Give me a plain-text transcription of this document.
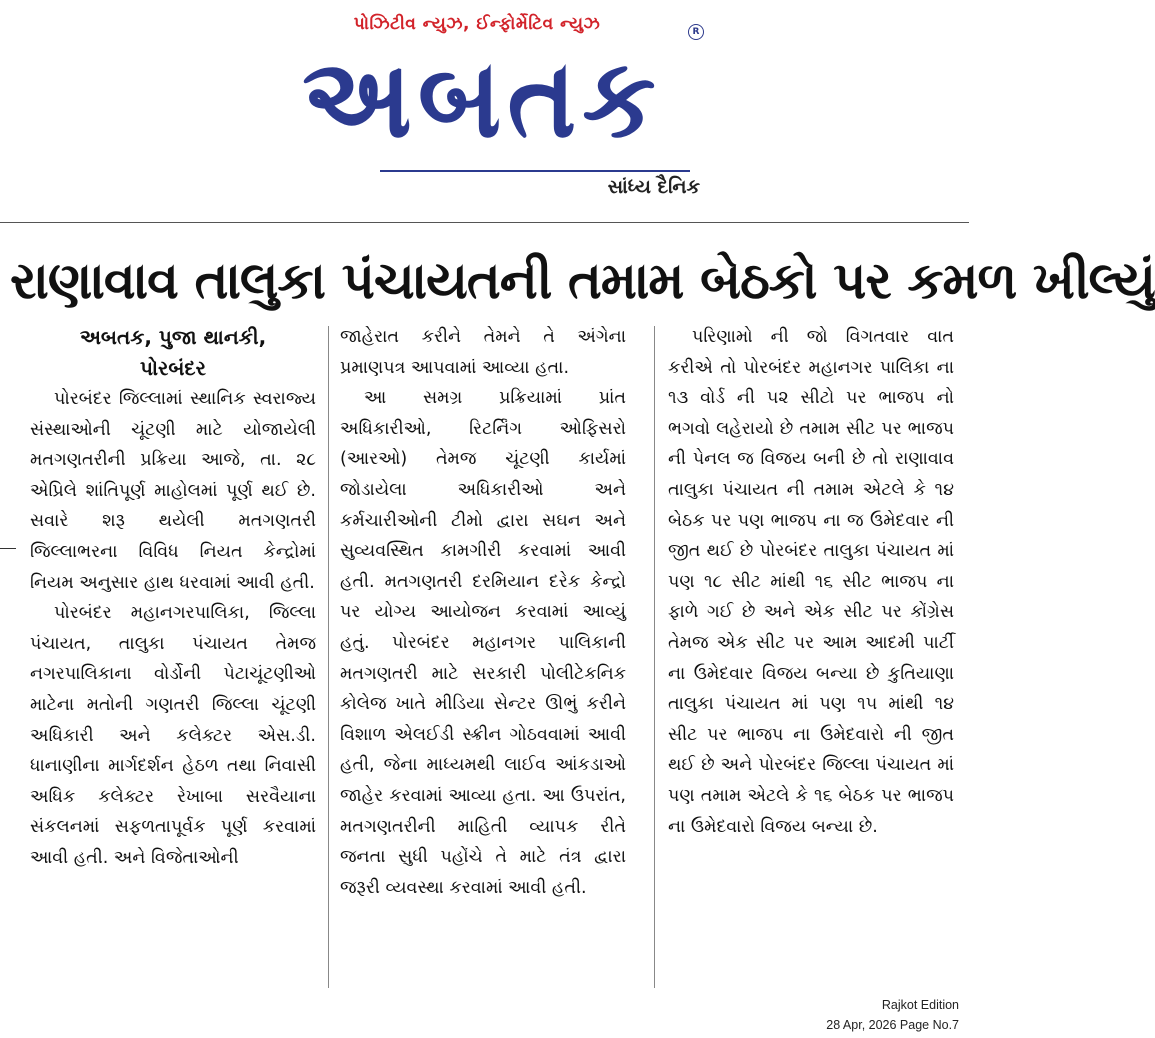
પોઝિટીવ ન્યુઝ, ઈન્ફોર્મેટિવ ન્યુઝ	R
અબતક
સાંધ્ય દૈનિક
રાણાવાવ તાલુકા પંચાયતની તમામ બેઠકો પર કમળ ખીલ્યું
અબતક, પુજા થાનકી,
પોરબંદર

પોરબંદર જિલ્લામાં સ્થાનિક સ્વરાજ્ય સંસ્થાઓની ચૂંટણી માટે યોજાયેલી મતગણતરીની પ્રક્રિયા આજે, તા. ૨૮ એપ્રિલે શાંતિપૂર્ણ માહોલમાં પૂર્ણ થઈ છે. સવારે શરૂ થયેલી મતગણતરી જિલ્લાભરના વિવિધ નિયત કેન્દ્રોમાં નિયમ અનુસાર હાથ ધરવામાં આવી હતી.

પોરબંદર મહાનગરપાલિકા, જિલ્લા પંચાયત, તાલુકા પંચાયત તેમજ નગરપાલિકાના વોર્ડોની પેટાચૂંટણીઓ માટેના મતોની ગણતરી જિલ્લા ચૂંટણી અધિકારી અને કલેક્ટર એસ.ડી. ધાનાણીના માર્ગદર્શન હેઠળ તથા નિવાસી અધિક કલેક્ટર રેખાબા સરવૈયાના સંકલનમાં સફળતાપૂર્વક પૂર્ણ કરવામાં આવી હતી. અને વિજેતાઓની

જાહેરાત કરીને તેમને તે અંગેના પ્રમાણપત્ર આપવામાં આવ્યા હતા.

આ સમગ્ર પ્રક્રિયામાં પ્રાંત અધિકારીઓ, રિટર્નિંગ ઓફિસરો (આરઓ) તેમજ ચૂંટણી કાર્યમાં જોડાયેલા અધિકારીઓ અને કર્મચારીઓની ટીમો દ્વારા સઘન અને સુવ્યવસ્થિત કામગીરી કરવામાં આવી હતી. મતગણતરી દરમિયાન દરેક કેન્દ્રો પર યોગ્ય આયોજન કરવામાં આવ્યું હતું. પોરબંદર મહાનગર પાલિકાની મતગણતરી માટે સરકારી પોલીટેકનિક કોલેજ ખાતે મીડિયા સેન્ટર ઊભું કરીને વિશાળ એલઈડી સ્ક્રીન ગોઠવવામાં આવી હતી, જેના માધ્યમથી લાઈવ આંકડાઓ જાહેર કરવામાં આવ્યા હતા. આ ઉપરાંત, મતગણતરીની માહિતી વ્યાપક રીતે જનતા સુધી પહોંચે તે માટે તંત્ર દ્વારા જરૂરી વ્યવસ્થા કરવામાં આવી હતી.

પરિણામો ની જો વિગતવાર વાત કરીએ તો પોરબંદર મહાનગર પાલિકા ના ૧૩ વોર્ડ ની ૫૨ સીટો પર ભાજપ નો ભગવો લહેરાયો છે તમામ સીટ પર ભાજપ ની પેનલ જ વિજય બની છે તો રાણાવાવ તાલુકા પંચાયત ની તમામ એટલે કે ૧૪ બેઠક પર પણ ભાજપ ના જ ઉમેદવાર ની જીત થઈ છે પોરબંદર તાલુકા પંચાયત માં પણ ૧૮ સીટ માંથી ૧૬ સીટ ભાજપ ના ફાળે ગઈ છે અને એક સીટ પર કોંગ્રેસ તેમજ એક સીટ પર આમ આદમી પાર્ટી ના ઉમેદવાર વિજય બન્યા છે કુતિયાણા તાલુકા પંચાયત માં પણ ૧૫ માંથી ૧૪ સીટ પર ભાજપ ના ઉમેદવારો ની જીત થઈ છે અને પોરબંદર જિલ્લા પંચાયત માં પણ તમામ એટલે કે ૧૬ બેઠક પર ભાજપ ના ઉમેદવારો વિજય બન્યા છે.

Rajkot Edition
28 Apr, 2026 Page No.7
